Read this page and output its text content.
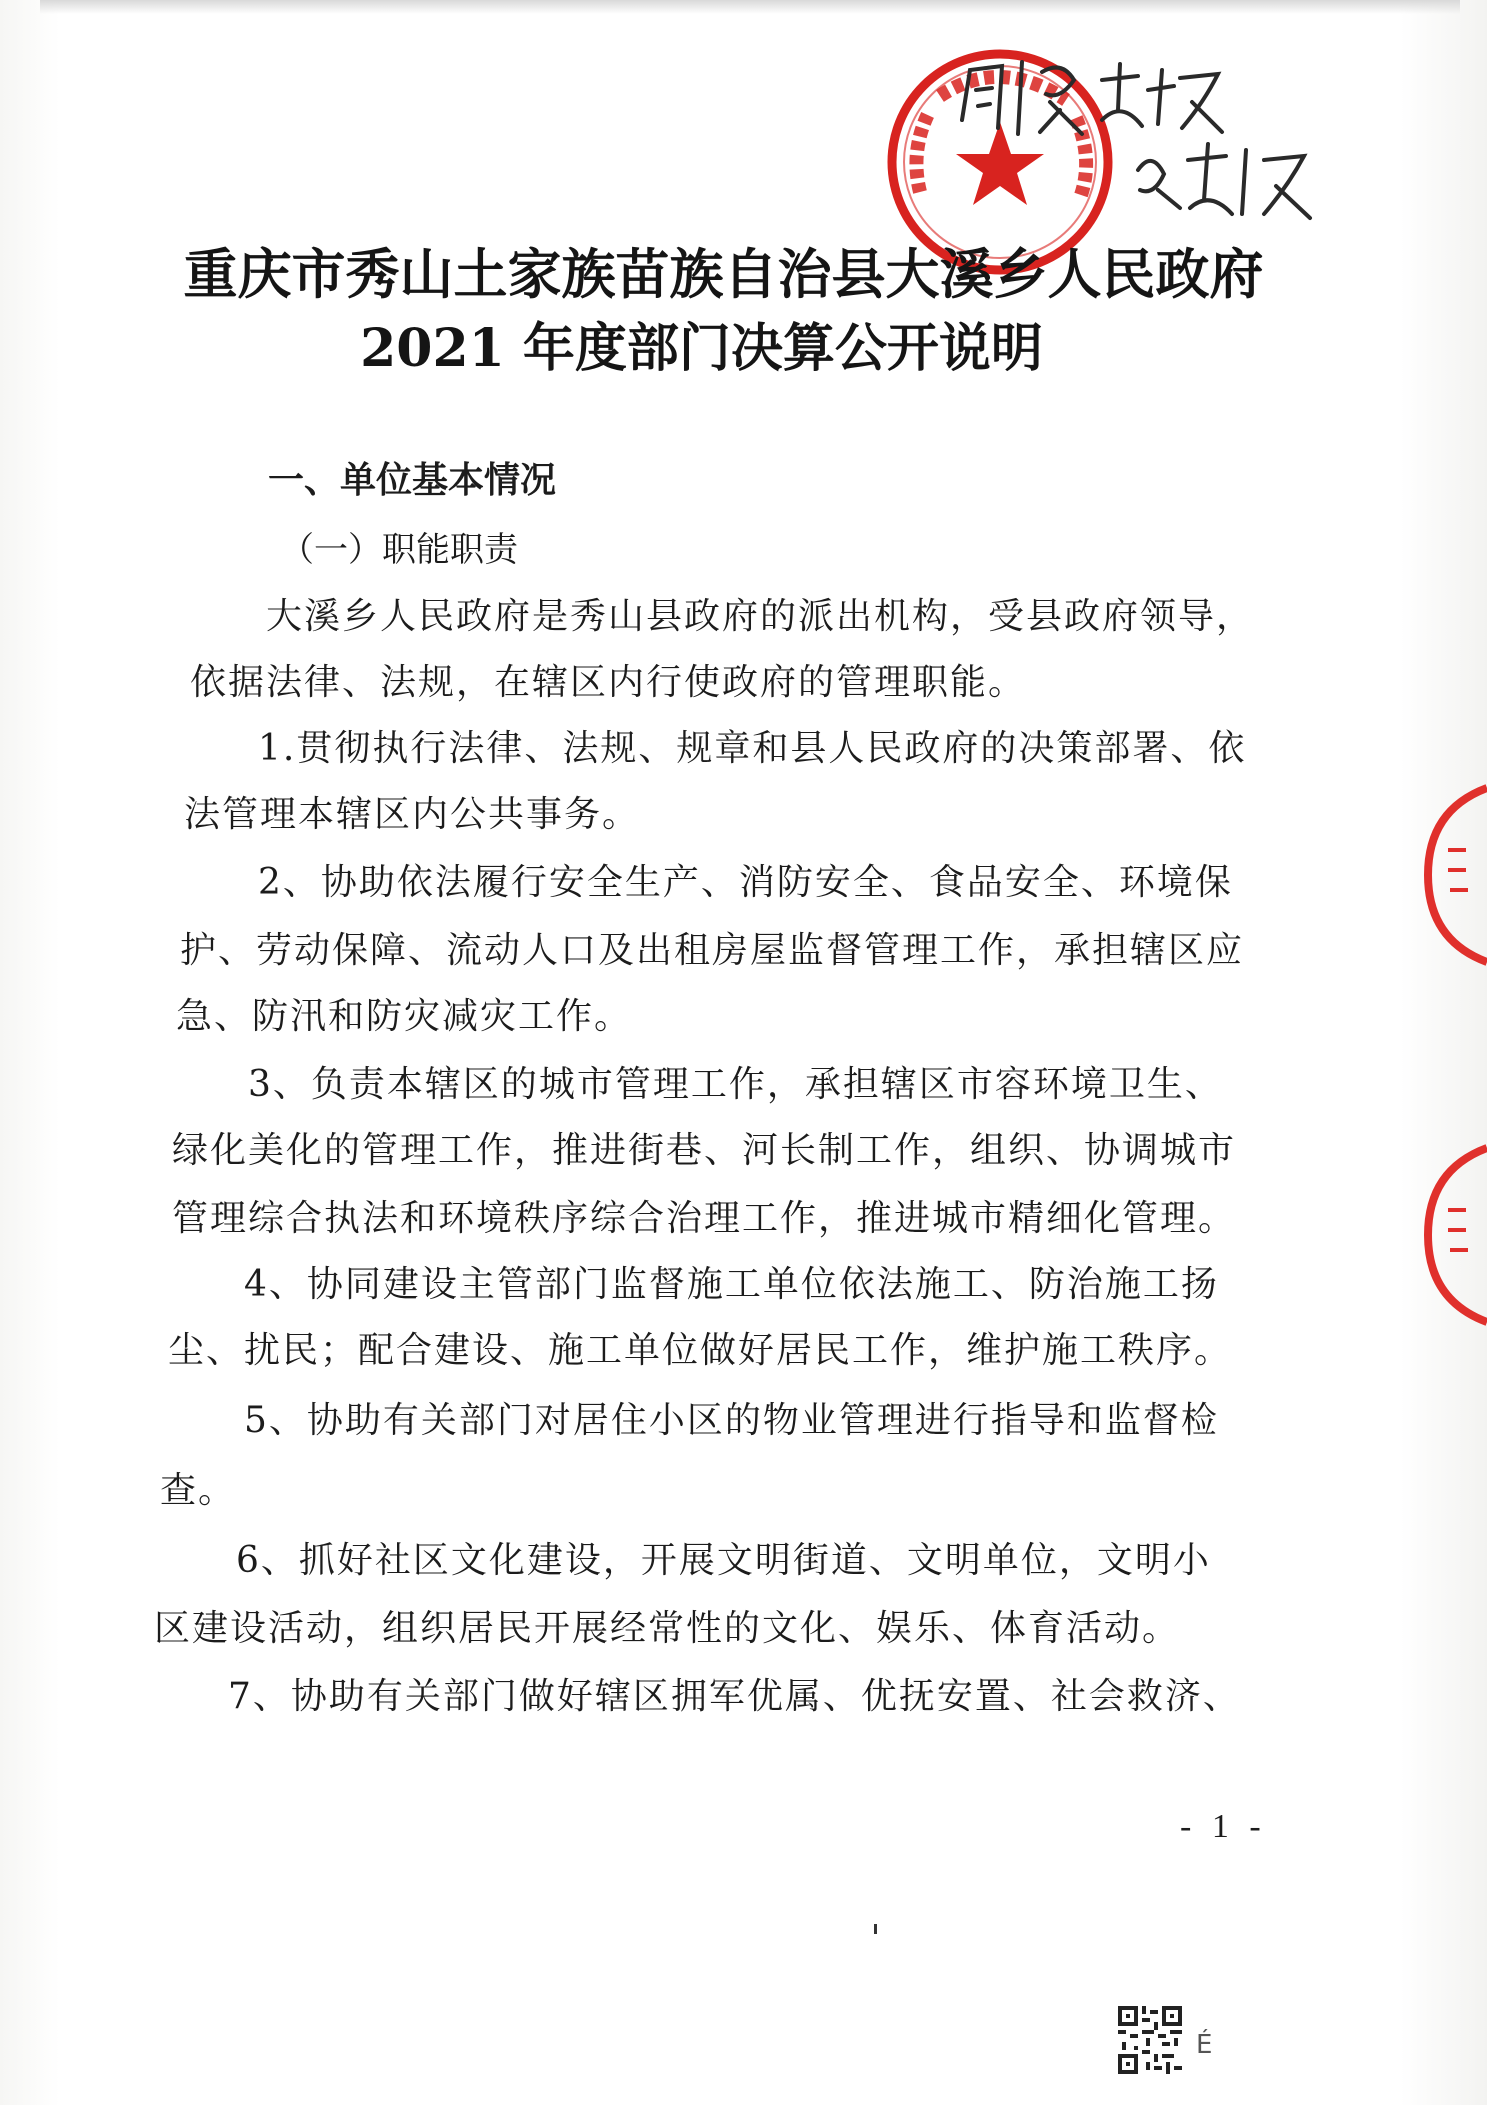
重庆市秀山土家族苗族自治县大溪乡人民政府
2021 年度部门决算公开说明
一、单位基本情况
（一）职能职责
大溪乡人民政府是秀山县政府的派出机构，受县政府领导，
依据法律、法规，在辖区内行使政府的管理职能。
1.贯彻执行法律、法规、规章和县人民政府的决策部署、依
法管理本辖区内公共事务。
2、协助依法履行安全生产、消防安全、食品安全、环境保
护、劳动保障、流动人口及出租房屋监督管理工作，承担辖区应
急、防汛和防灾减灾工作。
3、负责本辖区的城市管理工作，承担辖区市容环境卫生、
绿化美化的管理工作，推进街巷、河长制工作，组织、协调城市
管理综合执法和环境秩序综合治理工作，推进城市精细化管理。
4、协同建设主管部门监督施工单位依法施工、防治施工扬
尘、扰民；配合建设、施工单位做好居民工作，维护施工秩序。
5、协助有关部门对居住小区的物业管理进行指导和监督检
查。
6、抓好社区文化建设，开展文明街道、文明单位，文明小
区建设活动，组织居民开展经常性的文化、娱乐、体育活动。
7、协助有关部门做好辖区拥军优属、优抚安置、社会救济、
- 1 -
É
